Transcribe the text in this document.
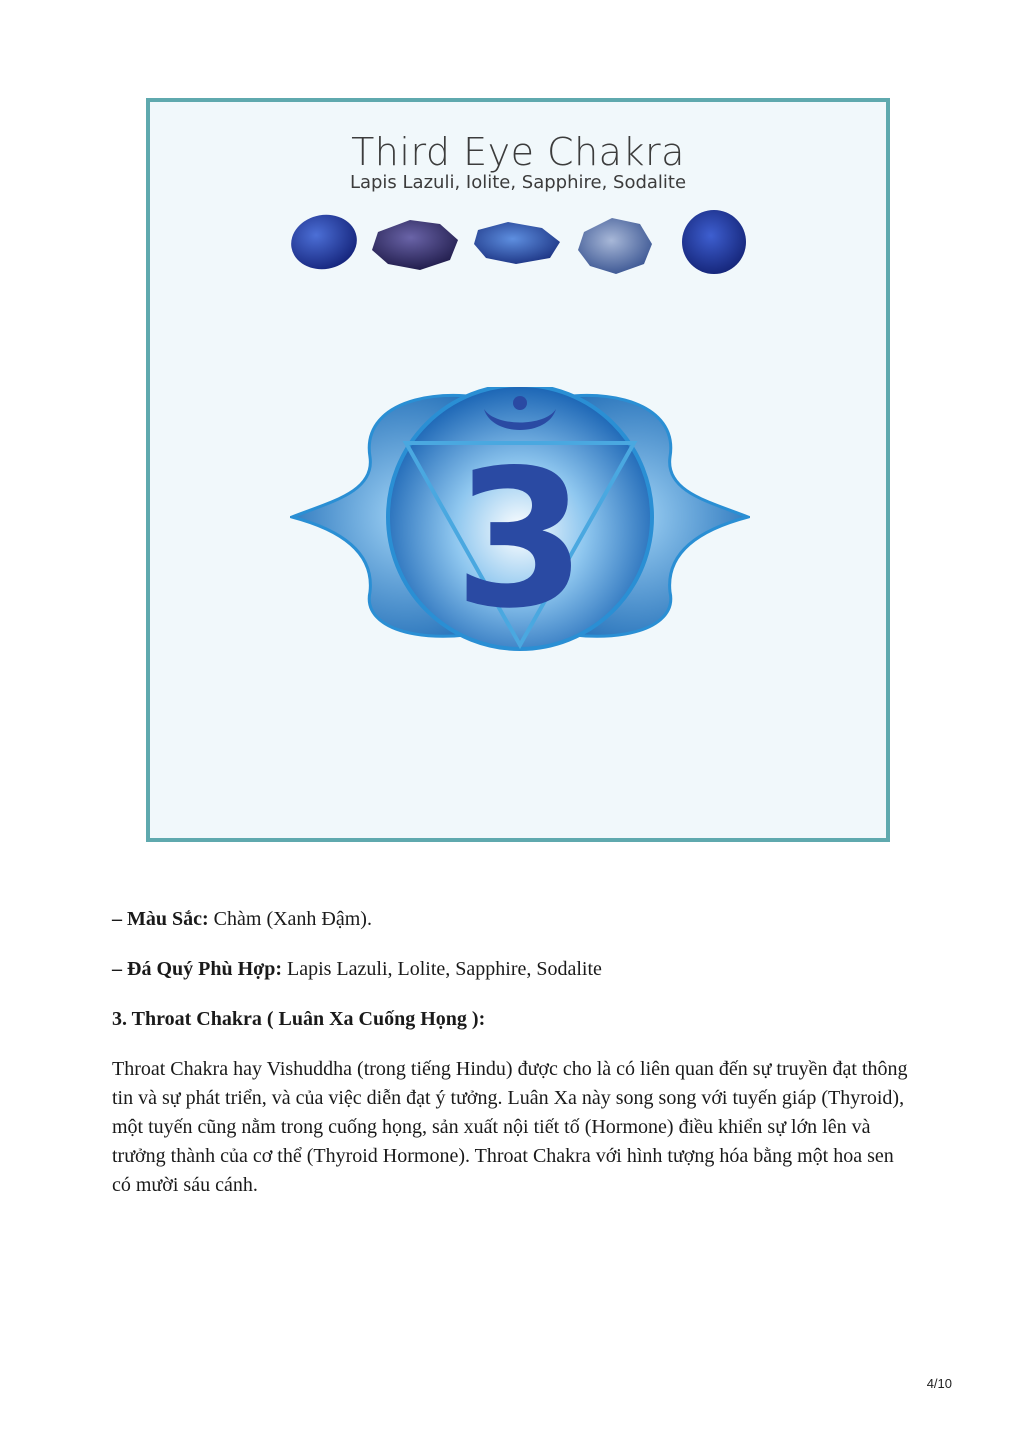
Third Eye Chakra
Lapis Lazuli, Iolite, Sapphire, Sodalite
3
– Màu Sắc: Chàm (Xanh Đậm).
– Đá Quý Phù Hợp: Lapis Lazuli, Lolite, Sapphire, Sodalite
3. Throat Chakra ( Luân Xa Cuống Họng ):
Throat Chakra hay Vishuddha (trong tiếng Hindu) được cho là có liên quan đến sự truyền đạt thông tin và sự phát triển, và của việc diễn đạt ý tưởng. Luân Xa này song song với tuyến giáp (Thyroid), một tuyến cũng nằm trong cuống họng, sản xuất nội tiết tố (Hormone) điều khiển sự lớn lên và trưởng thành của cơ thể (Thyroid Hormone). Throat Chakra với hình tượng hóa bằng một hoa sen có mười sáu cánh.
4/10
